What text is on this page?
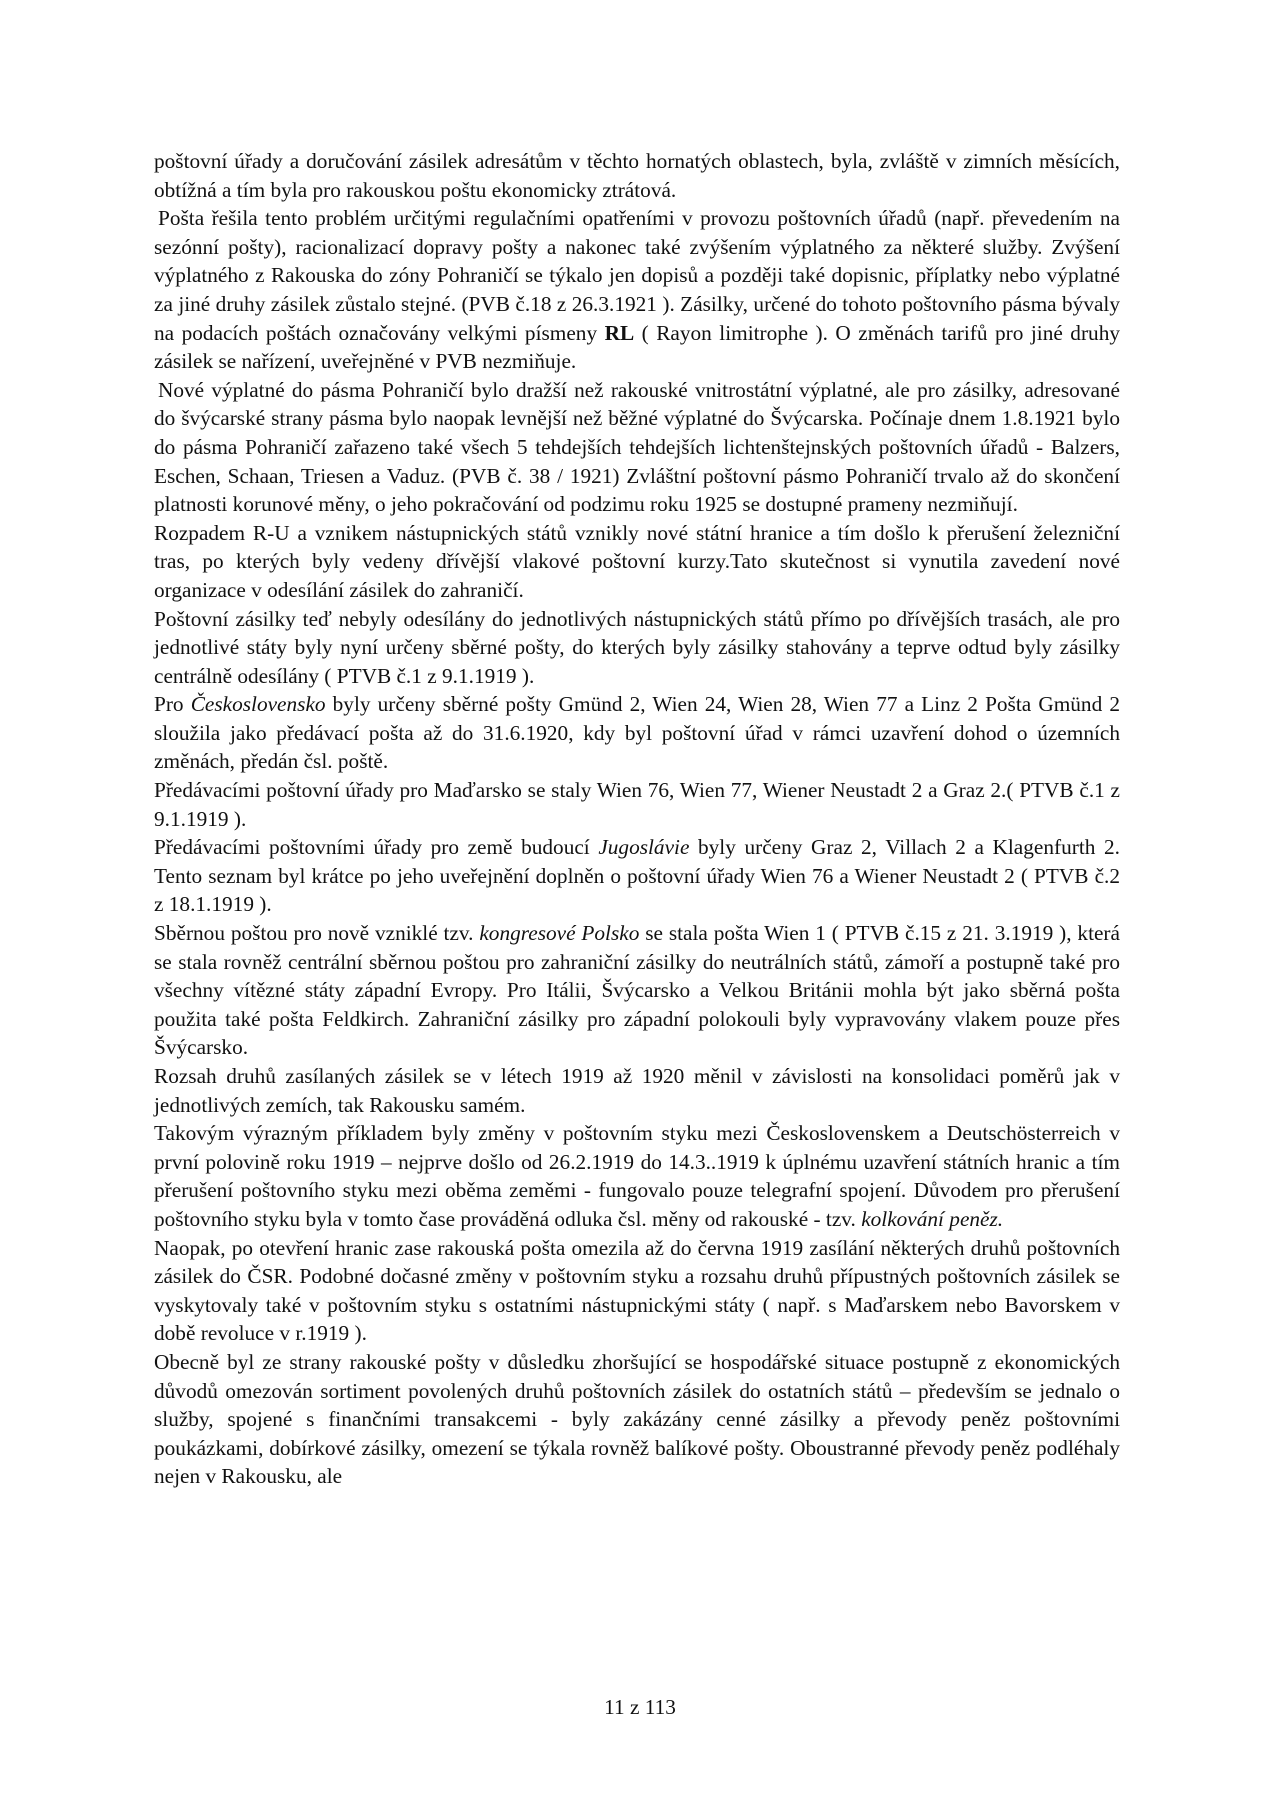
poštovní úřady a doručování zásilek adresátům v těchto hornatých oblastech, byla, zvláště v zimních měsících, obtížná a tím byla pro rakouskou poštu ekonomicky ztrátová.

Pošta řešila tento problém určitými regulačními opatřeními v provozu poštovních úřadů (např. převedením na sezónní pošty), racionalizací dopravy pošty a nakonec také zvýšením výplatného za některé služby. Zvýšení výplatného z Rakouska do zóny Pohraničí se týkalo jen dopisů a později také dopisnic, příplatky nebo výplatné za jiné druhy zásilek zůstalo stejné. (PVB č.18 z 26.3.1921 ). Zásilky, určené do tohoto poštovního pásma bývaly na podacích poštách označovány velkými písmeny RL ( Rayon limitrophe ). O změnách tarifů pro jiné druhy zásilek se nařízení, uveřejněné v PVB nezmiňuje.

Nové výplatné do pásma Pohraničí bylo dražší než rakouské vnitrostátní výplatné, ale pro zásilky, adresované do švýcarské strany pásma bylo naopak levnější než běžné výplatné do Švýcarska. Počínaje dnem 1.8.1921 bylo do pásma Pohraničí zařazeno také všech 5 tehdejších tehdejších lichtenštejnských poštovních úřadů - Balzers, Eschen, Schaan, Triesen a Vaduz. (PVB č. 38 / 1921) Zvláštní poštovní pásmo Pohraničí trvalo až do skončení platnosti korunové měny, o jeho pokračování od podzimu roku 1925 se dostupné prameny nezmiňují.

Rozpadem R-U a vznikem nástupnických států vznikly nové státní hranice a tím došlo k přerušení železniční tras, po kterých byly vedeny dřívější vlakové poštovní kurzy.Tato skutečnost si vynutila zavedení nové organizace v odesílání zásilek do zahraničí.

Poštovní zásilky teď nebyly odesílány do jednotlivých nástupnických států přímo po dřívějších trasách, ale pro jednotlivé státy byly nyní určeny sběrné pošty, do kterých byly zásilky stahovány a teprve odtud byly zásilky centrálně odesílány ( PTVB č.1 z 9.1.1919 ).

Pro Československo byly určeny sběrné pošty Gmünd 2, Wien 24, Wien 28, Wien 77 a Linz 2 Pošta Gmünd 2 sloužila jako předávací pošta až do 31.6.1920, kdy byl poštovní úřad v rámci uzavření dohod o územních změnách, předán čsl. poště.

Předávacími poštovní úřady pro Maďarsko se staly Wien 76, Wien 77, Wiener Neustadt 2 a Graz 2.( PTVB č.1 z 9.1.1919 ).

Předávacími poštovními úřady pro země budoucí Jugoslávie byly určeny Graz 2, Villach 2 a Klagenfurth 2. Tento seznam byl krátce po jeho uveřejnění doplněn o poštovní úřady Wien 76 a Wiener Neustadt 2 ( PTVB č.2 z 18.1.1919 ).

Sběrnou poštou pro nově vzniklé tzv. kongresové Polsko se stala pošta Wien 1 ( PTVB č.15 z 21. 3.1919 ), která se stala rovněž centrální sběrnou poštou pro zahraniční zásilky do neutrálních států, zámoří a postupně také pro všechny vítězné státy západní Evropy. Pro Itálii, Švýcarsko a Velkou Británii mohla být jako sběrná pošta použita také pošta Feldkirch. Zahraniční zásilky pro západní polokouli byly vypravovány vlakem pouze přes Švýcarsko.

Rozsah druhů zasílaných zásilek se v létech 1919 až 1920 měnil v závislosti na konsolidaci poměrů jak v jednotlivých zemích, tak Rakousku samém.

Takovým výrazným příkladem byly změny v poštovním styku mezi Československem a Deutschösterreich v první polovině roku 1919 – nejprve došlo od 26.2.1919 do 14.3..1919 k úplnému uzavření státních hranic a tím přerušení poštovního styku mezi oběma zeměmi - fungovalo pouze telegrafní spojení. Důvodem pro přerušení poštovního styku byla v tomto čase prováděná odluka čsl. měny od rakouské - tzv. kolkování peněz.

Naopak, po otevření hranic zase rakouská pošta omezila až do června 1919 zasílání některých druhů poštovních zásilek do ČSR. Podobné dočasné změny v poštovním styku a rozsahu druhů přípustných poštovních zásilek se vyskytovaly také v poštovním styku s ostatními nástupnickými státy ( např. s Maďarskem nebo Bavorskem v době revoluce v r.1919 ).

Obecně byl ze strany rakouské pošty v důsledku zhoršující se hospodářské situace postupně z ekonomických důvodů omezován sortiment povolených druhů poštovních zásilek do ostatních států – především se jednalo o služby, spojené s finančními transakcemi - byly zakázány cenné zásilky a převody peněz poštovními poukázkami, dobírkové zásilky, omezení se týkala rovněž balíkové pošty. Oboustranné převody peněz podléhaly nejen v Rakousku, ale

11 z 113
